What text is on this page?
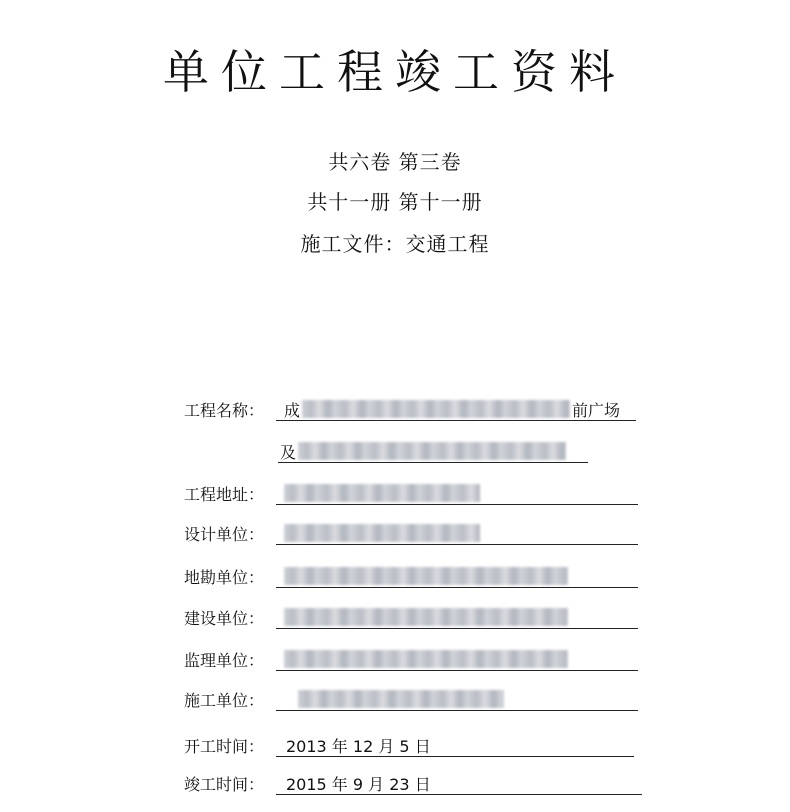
单位工程竣工资料
共六卷 第三卷
共十一册 第十一册
施工文件：交通工程
工程名称： 成	前广场
及
工程地址：
设计单位：
地勘单位：
建设单位：
监理单位：
施工单位：
开工时间： 2013 年 12 月 5 日
竣工时间： 2015 年 9 月 23 日
